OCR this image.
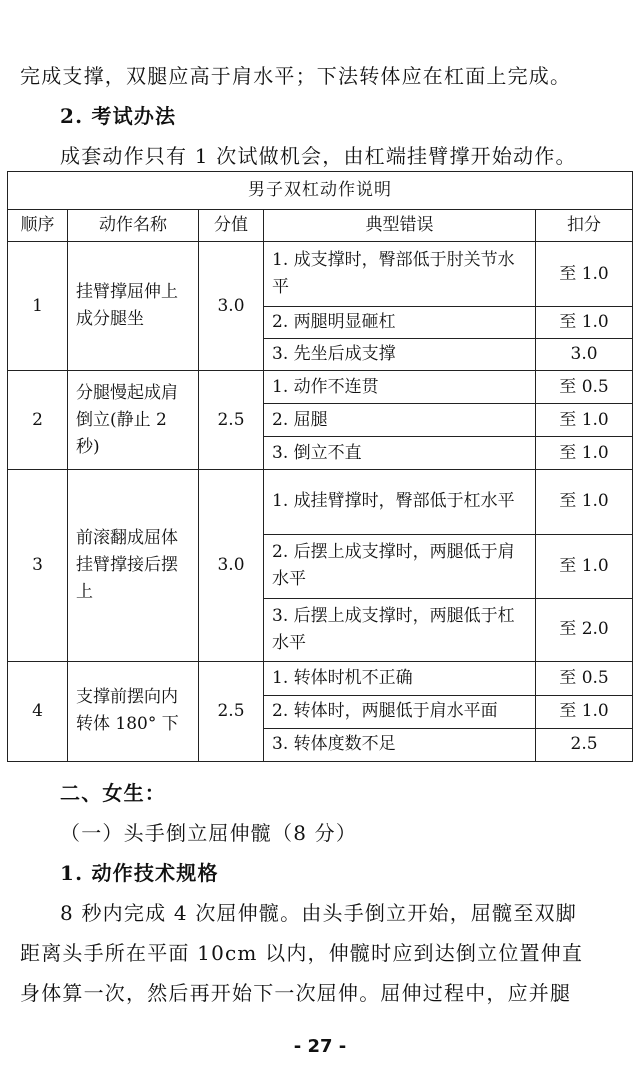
完成支撑，双腿应高于肩水平；下法转体应在杠面上完成。
2. 考试办法
成套动作只有 1 次试做机会，由杠端挂臂撑开始动作。
男子双杠动作说明				
顺序	动作名称	分值	典型错误	扣分
1	挂臂撑屈伸上成分腿坐	3.0	1. 成支撑时，臀部低于肘关节水平	至 1.0
			2. 两腿明显砸杠	至 1.0
			3. 先坐后成支撑	3.0
2	分腿慢起成肩倒立(静止 2 秒)	2.5	1. 动作不连贯	至 0.5
			2. 屈腿	至 1.0
			3. 倒立不直	至 1.0
3	前滚翻成屈体挂臂撑接后摆上	3.0	1. 成挂臂撑时，臀部低于杠水平	至 1.0
			2. 后摆上成支撑时，两腿低于肩水平	至 1.0
			3. 后摆上成支撑时，两腿低于杠水平	至 2.0
4	支撑前摆向内转体 180° 下	2.5	1. 转体时机不正确	至 0.5
			2. 转体时，两腿低于肩水平面	至 1.0
			3. 转体度数不足	2.5
二、女生：
（一）头手倒立屈伸髋（8 分）
1. 动作技术规格
8 秒内完成 4 次屈伸髋。由头手倒立开始，屈髋至双脚
距离头手所在平面 10cm 以内，伸髋时应到达倒立位置伸直
身体算一次，然后再开始下一次屈伸。屈伸过程中，应并腿
- 27 -
